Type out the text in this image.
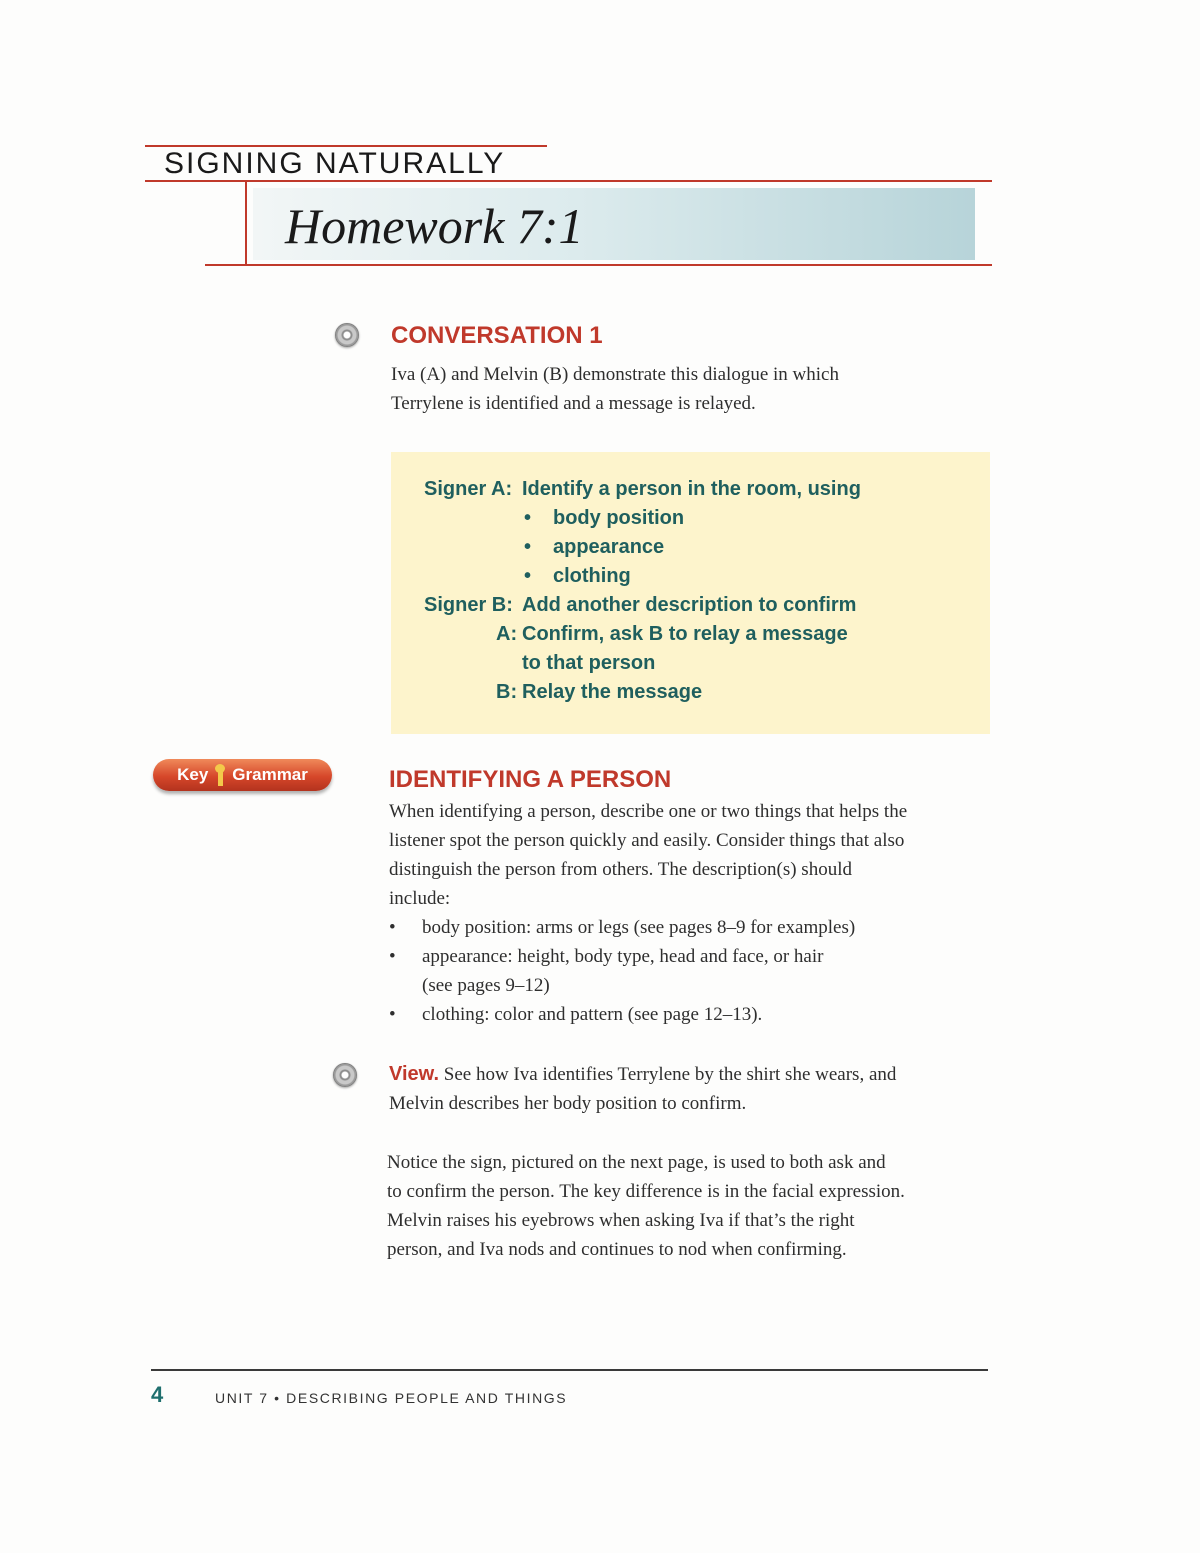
SIGNING NATURALLY
Homework 7:1
CONVERSATION 1
Iva (A) and Melvin (B) demonstrate this dialogue in which
Terrylene is identified and a message is relayed.
Signer A: Identify a person in the room, using
• body position
• appearance
• clothing
Signer B: Add another description to confirm
A: Confirm, ask B to relay a message
to that person
B: Relay the message
Key Grammar	IDENTIFYING A PERSON
When identifying a person, describe one or two things that helps the
listener spot the person quickly and easily. Consider things that also
distinguish the person from others. The description(s) should
include:
•	body position: arms or legs (see pages 8–9 for examples)
•	appearance: height, body type, head and face, or hair
(see pages 9–12)
•	clothing: color and pattern (see page 12–13).
View. See how Iva identifies Terrylene by the shirt she wears, and
Melvin describes her body position to confirm.
Notice the sign, pictured on the next page, is used to both ask and
to confirm the person. The key difference is in the facial expression.
Melvin raises his eyebrows when asking Iva if that’s the right
person, and Iva nods and continues to nod when confirming.
4	UNIT 7 • DESCRIBING PEOPLE AND THINGS
